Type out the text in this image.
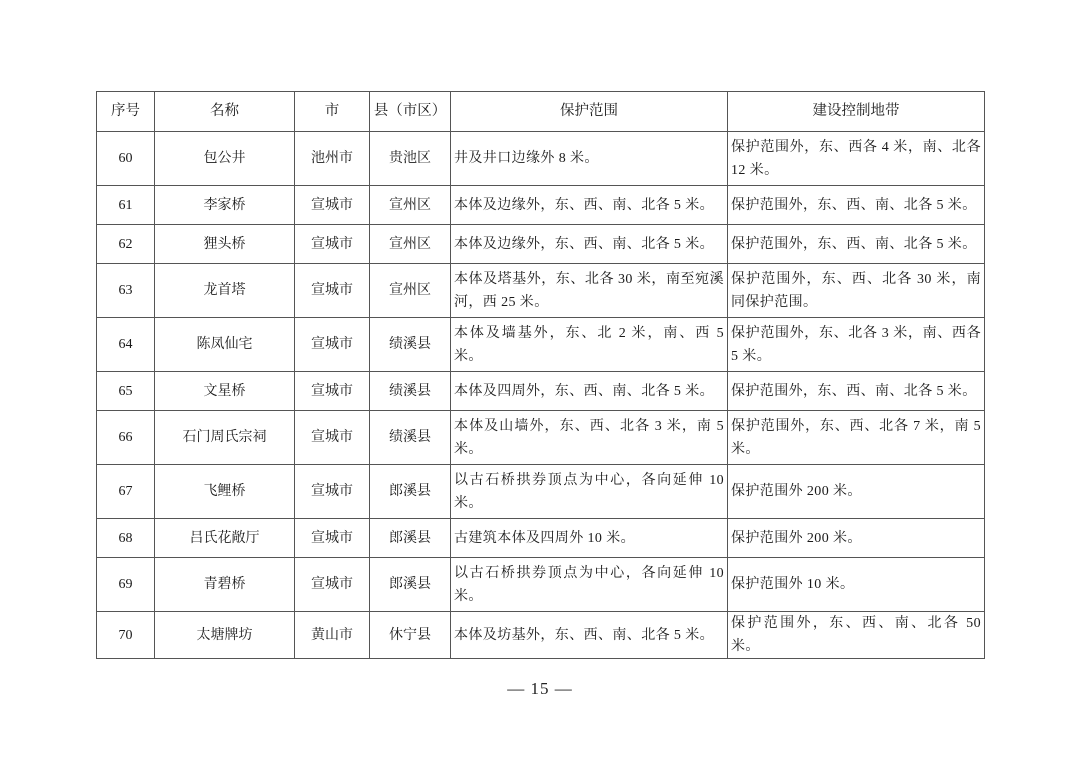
序号	名称	市	县（市区）	保护范围	建设控制地带
60	包公井	池州市	贵池区	井及井口边缘外 8 米。	保护范围外，东、西各 4 米，南、北各 12 米。
61	李家桥	宣城市	宣州区	本体及边缘外，东、西、南、北各 5 米。	保护范围外，东、西、南、北各 5 米。
62	狸头桥	宣城市	宣州区	本体及边缘外，东、西、南、北各 5 米。	保护范围外，东、西、南、北各 5 米。
63	龙首塔	宣城市	宣州区	本体及塔基外，东、北各 30 米，南至宛溪河，西 25 米。	保护范围外，东、西、北各 30 米，南同保护范围。
64	陈凤仙宅	宣城市	绩溪县	本体及墙基外，东、北 2 米，南、西 5 米。	保护范围外，东、北各 3 米，南、西各 5 米。
65	文星桥	宣城市	绩溪县	本体及四周外，东、西、南、北各 5 米。	保护范围外，东、西、南、北各 5 米。
66	石门周氏宗祠	宣城市	绩溪县	本体及山墙外，东、西、北各 3 米，南 5 米。	保护范围外，东、西、北各 7 米，南 5 米。
67	飞鲤桥	宣城市	郎溪县	以古石桥拱券顶点为中心，各向延伸 10 米。	保护范围外 200 米。
68	吕氏花敞厅	宣城市	郎溪县	古建筑本体及四周外 10 米。	保护范围外 200 米。
69	青碧桥	宣城市	郎溪县	以古石桥拱券顶点为中心，各向延伸 10 米。	保护范围外 10 米。
70	太塘牌坊	黄山市	休宁县	本体及坊基外，东、西、南、北各 5 米。	保护范围外，东、西、南、北各 50 米。
— 15 —
